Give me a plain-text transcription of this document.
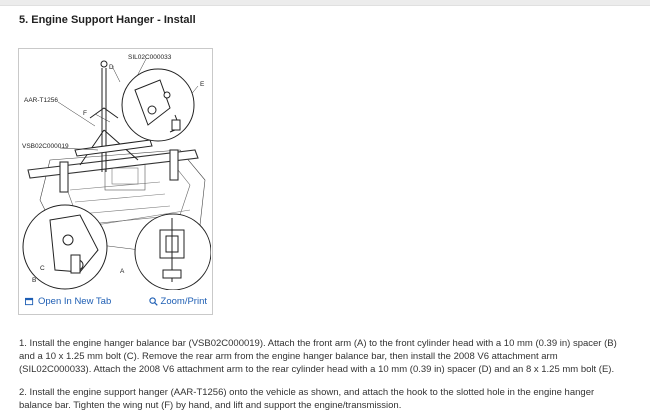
5. Engine Support Hanger - Install
SIL02C000033
AAR-T1256
VSB02C000019
D
E
F
A
B
C
Open In New Tab	Zoom/Print

1. Install the engine hanger balance bar (VSB02C000019). Attach the front arm (A) to the front cylinder head with a 10 mm (0.39 in) spacer (B) and a 10 x 1.25 mm bolt (C). Remove the rear arm from the engine hanger balance bar, then install the 2008 V6 attachment arm (SIL02C000033). Attach the 2008 V6 attachment arm to the rear cylinder head with a 10 mm (0.39 in) spacer (D) and an 8 x 1.25 mm bolt (E).

2. Install the engine support hanger (AAR-T1256) onto the vehicle as shown, and attach the hook to the slotted hole in the engine hanger balance bar. Tighten the wing nut (F) by hand, and lift and support the engine/transmission.
